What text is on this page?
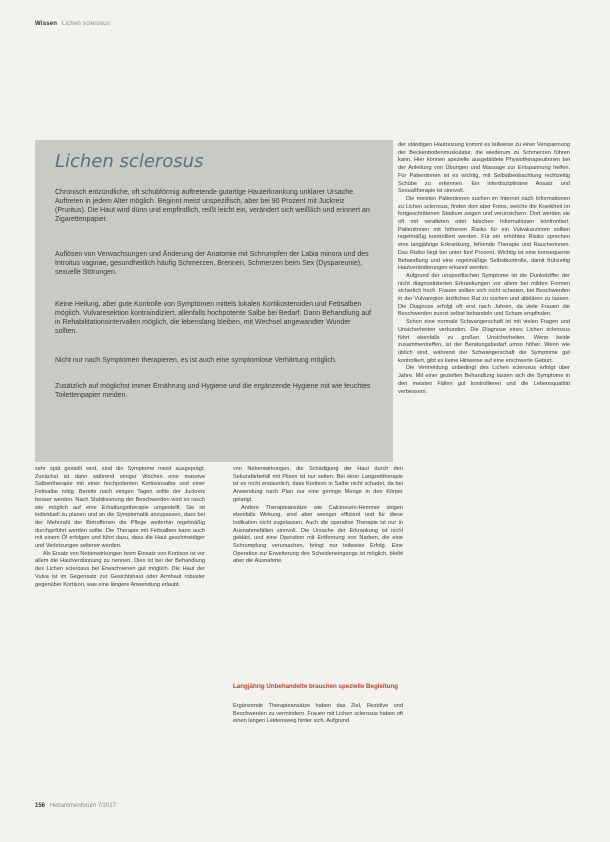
Wissen Lichen sclerosus
Lichen sclerosus

Chronisch entzündliche, oft schubförmig auftretende gutartige Hauterkrankung unklarer Ursache. Auftreten in jedem Alter möglich. Beginnt meist unspezifisch, aber bei 90 Prozent mit Juckreiz (Pruritus). Die Haut wird dünn und empfindlich, reißt leicht ein, verändert sich weißlich und erinnert an Zigarettenpapier.

Auflösen von Verwachsungen und Änderung der Anatomie mit Schrumpfen der Labia minora und des Introitus vaginae, gesundheitlich häufig Schmerzen, Brennen, Schmerzen beim Sex (Dyspareunie), sexuelle Störungen.

Keine Heilung, aber gute Kontrolle von Symptomen mittels lokalen Kortikosteroiden und Fettsalben möglich. Vulvaresektion kontraindiziert, allenfalls hochpotente Salbe bei Bedarf. Dann Behandlung auf in Rehabilitationsintervallen möglich, die lebenslang bleiben, mit Wechsel angewandter Wunder sollten.

Nicht nur nach Symptomen therapieren, es ist auch eine symptomlose Verhärtung möglich.

Zusätzlich auf möglichst immer Ernährung und Hygiene und die ergänzende Hygiene mit wie feuchtes Toilettenpapier meiden.

sehr spät gestellt wird, sind die Symptome meist ausgeprägt. Zunächst ist dann während einiger Wochen eine massive Salbentherapie mit einer hochpotenten Kortisonsalbe und einer Fettsalbe nötig. Bereits nach einigen Tagen sollte der Juckreiz besser werden. Nach Stabilisierung der Beschwerden wird so rasch wie möglich auf eine Erhaltungstherapie umgestellt. Sie ist individuell zu planen und an die Symptomatik anzupassen, dass bei der Mehrzahl der Betroffenen die Pflege weiterhin regelmäßig durchgeführt werden sollte. Die Therapie mit Fettsalben kann auch mit einem Öl erfolgen und führt dazu, dass die Haut geschmeidiger und Verletzungen seltener werden.

Als Ersatz von Nebenwirkungen beim Einsatz von Kortison ist vor allem die Hautverdünnung zu nennen. Dies ist bei der Behandlung des Lichen sclerosus bei Erwachsenen gut möglich. Die Haut der Vulva ist im Gegensatz zur Gesichtshaut oder Armhaut robuster gegenüber Kortison, was eine längere Anwendung erlaubt.

von Nebenwirkungen, die Schädigung der Haut durch den Sekundärbefall mit Pilzen ist nur selten. Bei einer Langzeittherapie ist es nicht erstaunlich, dass Kortison in Salbe nicht schadet, da bei Anwendung nach Plan nur eine geringe Menge in den Körper gelangt.

Andere Therapieansätze wie Calcineurin-Hemmer zeigen ebenfalls Wirkung, sind aber weniger effizient und für diese Indikation nicht zugelassen. Auch die operative Therapie ist nur in Ausnahmefällen sinnvoll. Die Ursache der Erkrankung ist nicht geklärt, und eine Operation mit Entfernung von Narben, die eine Schrumpfung verursachen, bringt nur teilweise Erfolg. Eine Operation zur Erweiterung des Scheideneingangs ist möglich, bleibt aber die Ausnahme.

Langjährig Unbehandelte brauchen spezielle Begleitung

Ergänzende Therapieansätze haben das Ziel, Rezidive und Beschwerden zu vermindern. Frauen mit Lichen sclerosus haben oft einen langen Leidensweg hinter sich. Aufgrund

der ständigen Hautreizung kommt es teilweise zu einer Verspannung der Beckenbodenmuskulatur, die wiederum zu Schmerzen führen kann. Hier können spezielle ausgebildete Physiotherapeutinnen bei der Anleitung von Übungen und Massage zur Entspannung helfen. Für Patientinnen ist es wichtig, mit Selbstbeobachtung rechtzeitig Schübe zu erkennen. Ein interdisziplinärer Ansatz und Sexualtherapie ist sinnvoll.

Die meisten Patientinnen suchen im Internet nach Informationen zu Lichen sclerosus, finden dort aber Fotos, welche die Krankheit im fortgeschrittenen Stadium zeigen und verunsichern. Dort werden sie oft mit veralteten oder falschen Informationen konfrontiert. Patientinnen mit höherem Risiko für ein Vulvakarzinom sollten regelmäßig kontrolliert werden. Für ein erhöhtes Risiko sprechen eine langjährige Erkrankung, fehlende Therapie und Raucherinnen. Das Risiko liegt bei unter fünf Prozent. Wichtig ist eine konsequente Behandlung und eine regelmäßige Selbstkontrolle, damit frühzeitig Hautveränderungen erkannt werden.

Aufgrund der unspezifischen Symptome ist die Dunkelziffer der nicht diagnostizierten Erkrankungen vor allem bei milden Formen sicherlich hoch. Frauen sollten sich nicht scheuen, bei Beschwerden in der Vulvaregion ärztlichen Rat zu suchen und abklären zu lassen. Die Diagnose erfolgt oft erst nach Jahren, da viele Frauen die Beschwerden zuerst selbst behandeln und Scham empfinden.

Schon eine normale Schwangerschaft ist mit vielen Fragen und Unsicherheiten verbunden. Die Diagnose eines Lichen sclerosus führt ebenfalls zu großen Unsicherheiten. Wenn beide zusammentreffen, ist der Beratungsbedarf umso höher. Wenn wie üblich sind, während der Schwangerschaft die Symptome gut kontrolliert, gibt es keine Hinweise auf eine erschwerte Geburt.

Die Vermeidung unbedingt des Lichen sclerosus erfolgt über Jahre. Mit einer gezielten Behandlung lassen sich die Symptome in den meisten Fällen gut kontrollieren und die Lebensqualität verbessern.

156 Hebammenforum 7/2017
